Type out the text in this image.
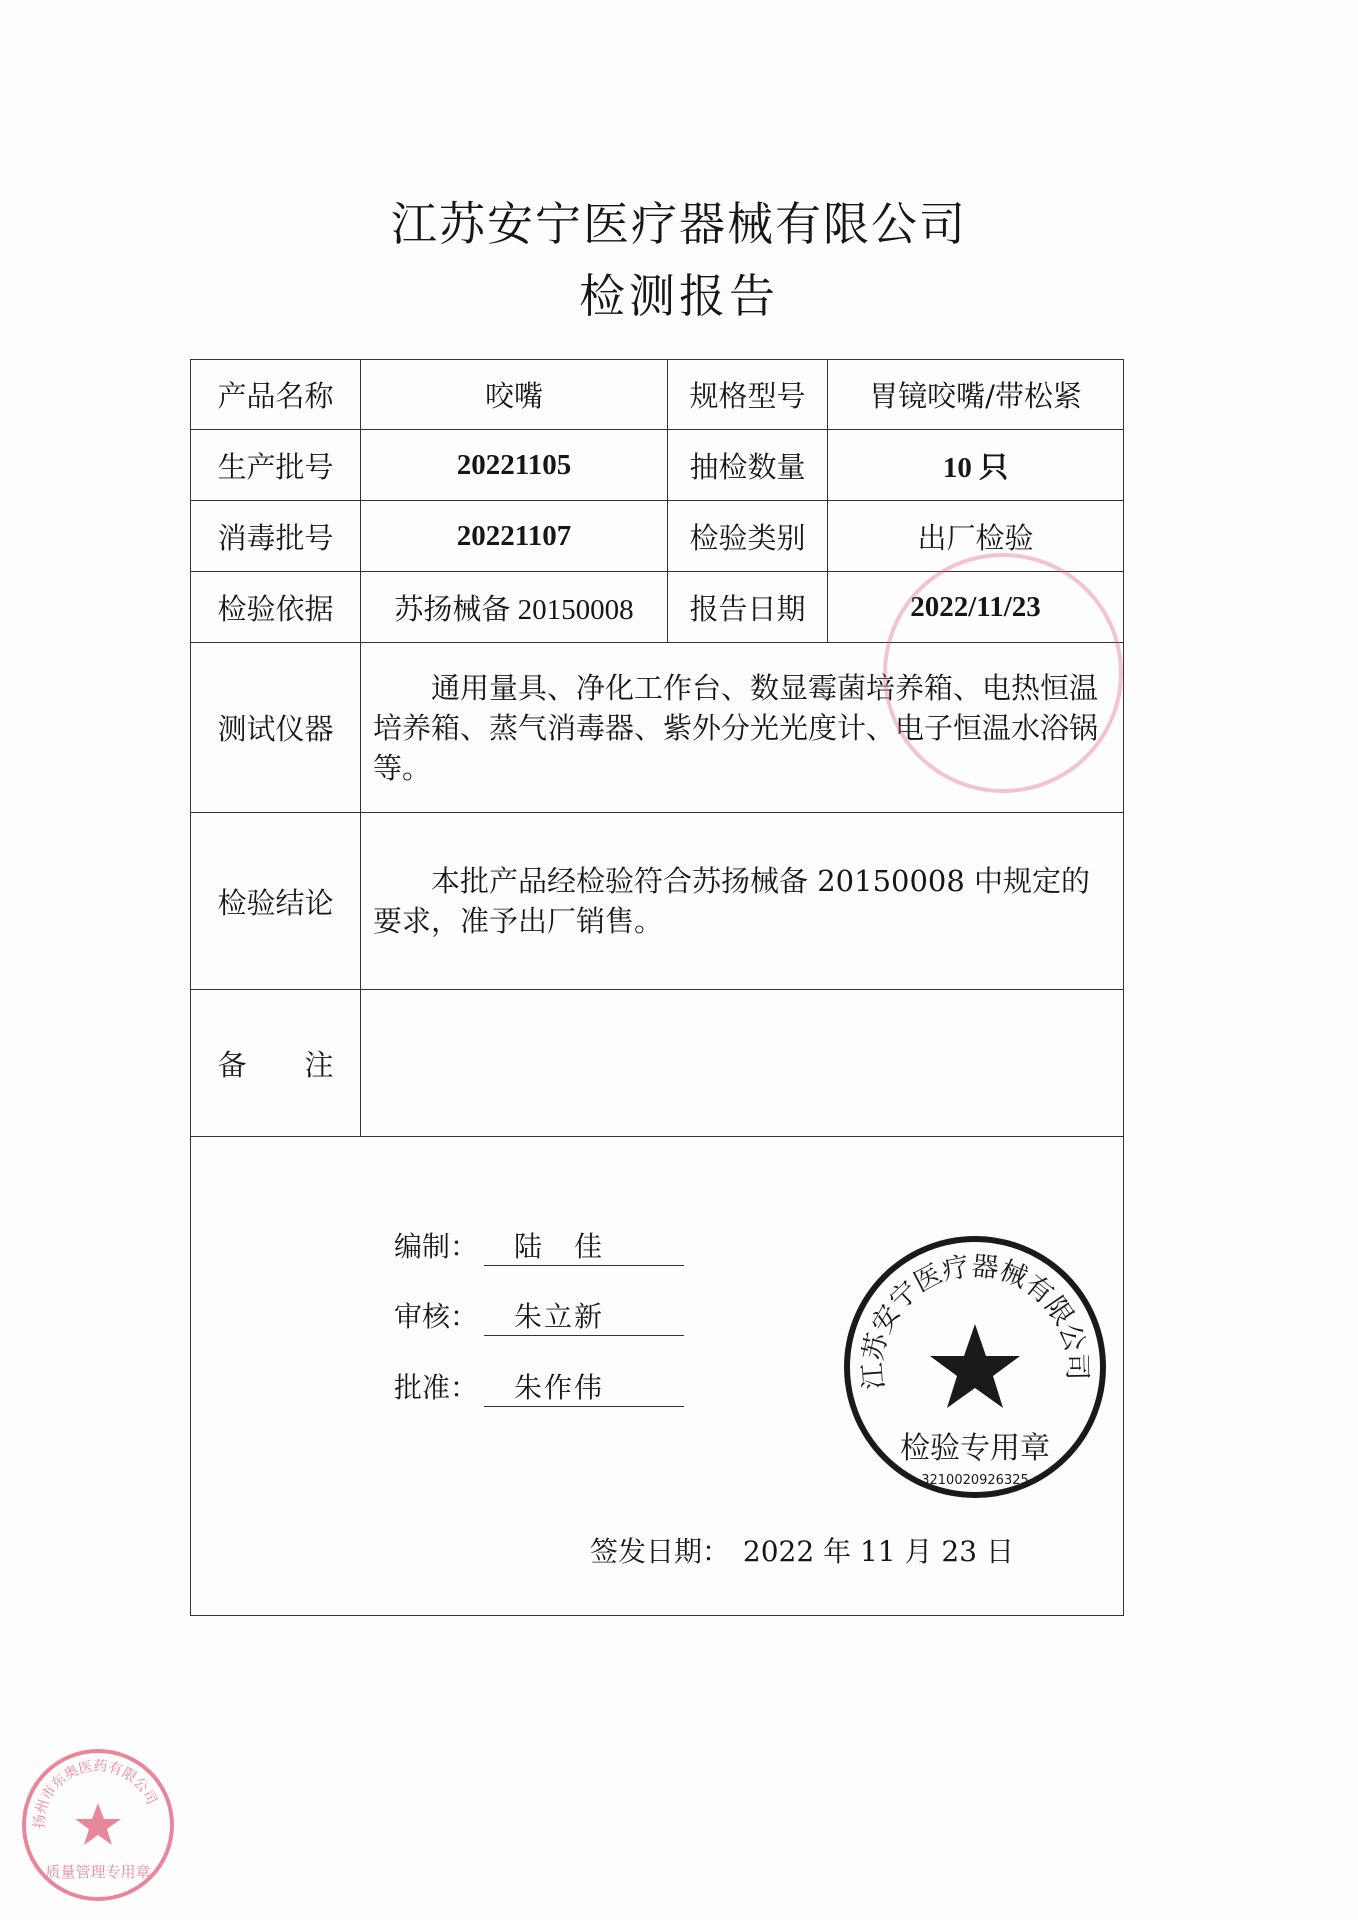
江苏安宁医疗器械有限公司
检测报告
产品名称	咬嘴	规格型号	胃镜咬嘴/带松紧
生产批号	20221105	抽检数量	10 只
消毒批号	20221107	检验类别	出厂检验
检验依据	苏扬械备 20150008	报告日期	2022/11/23
测试仪器	通用量具、净化工作台、数显霉菌培养箱、电热恒温培养箱、蒸气消毒器、紫外分光光度计、电子恒温水浴锅等。		

检验结论	本批产品经检验符合苏扬械备 20150008 中规定的要求，准予出厂销售。		

备　　注			

编制： 陆　佳
审核： 朱立新
批准： 朱作伟
签发日期： 2022 年 11 月 23 日
江苏安宁医疗器械有限公司
检验专用章
3210020926325
扬州市东奥医药有限公司
质量管理专用章
